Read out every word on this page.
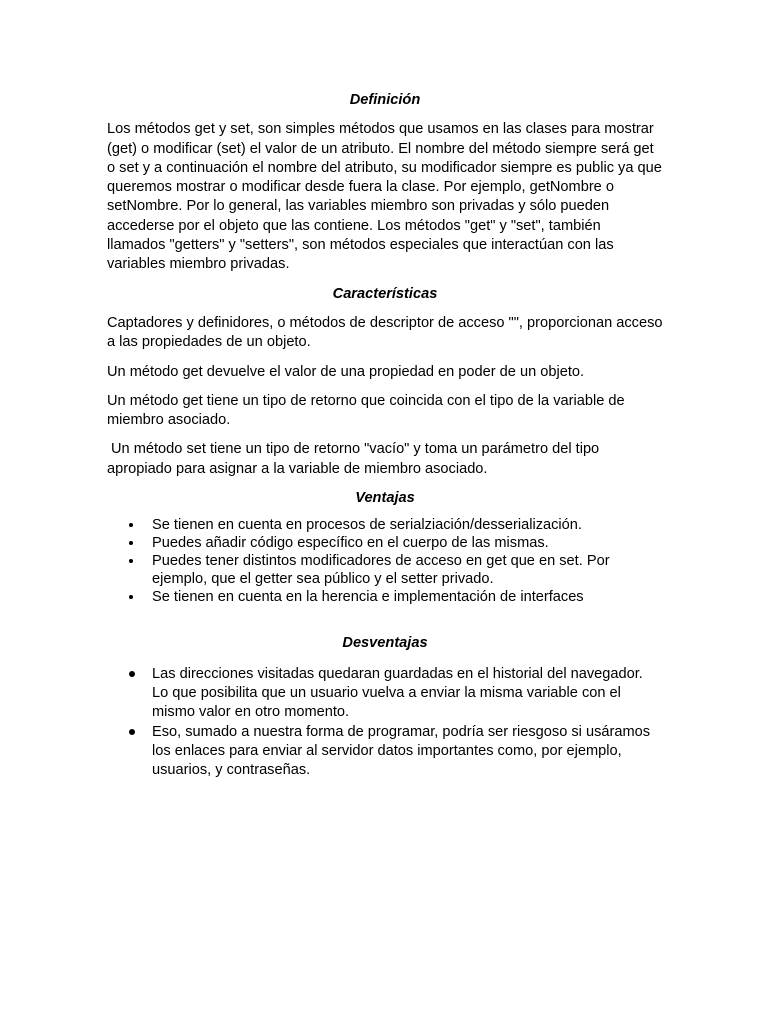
Definición

Los métodos get y set, son simples métodos que usamos en las clases para mostrar (get) o modificar (set) el valor de un atributo. El nombre del método siempre será get o set y a continuación el nombre del atributo, su modificador siempre es public ya que queremos mostrar o modificar desde fuera la clase. Por ejemplo, getNombre o setNombre. Por lo general, las variables miembro son privadas y sólo pueden accederse por el objeto que las contiene. Los métodos "get" y "set", también llamados "getters" y "setters", son métodos especiales que interactúan con las variables miembro privadas.

Características

Captadores y definidores, o métodos de descriptor de acceso "", proporcionan acceso a las propiedades de un objeto.

Un método get devuelve el valor de una propiedad en poder de un objeto.

Un método get tiene un tipo de retorno que coincida con el tipo de la variable de miembro asociado.

Un método set tiene un tipo de retorno "vacío" y toma un parámetro del tipo apropiado para asignar a la variable de miembro asociado.

Ventajas
Se tienen en cuenta en procesos de serialziación/desserialización.
Puedes añadir código específico en el cuerpo de las mismas.
Puedes tener distintos modificadores de acceso en get que en set. Por ejemplo, que el getter sea público y el setter privado.
Se tienen en cuenta en la herencia e implementación de interfaces
Desventajas
Las direcciones visitadas quedaran guardadas en el historial del navegador. Lo que posibilita que un usuario vuelva a enviar la misma variable con el mismo valor en otro momento.
Eso, sumado a nuestra forma de programar, podría ser riesgoso si usáramos los enlaces para enviar al servidor datos importantes como, por ejemplo, usuarios, y contraseñas.
